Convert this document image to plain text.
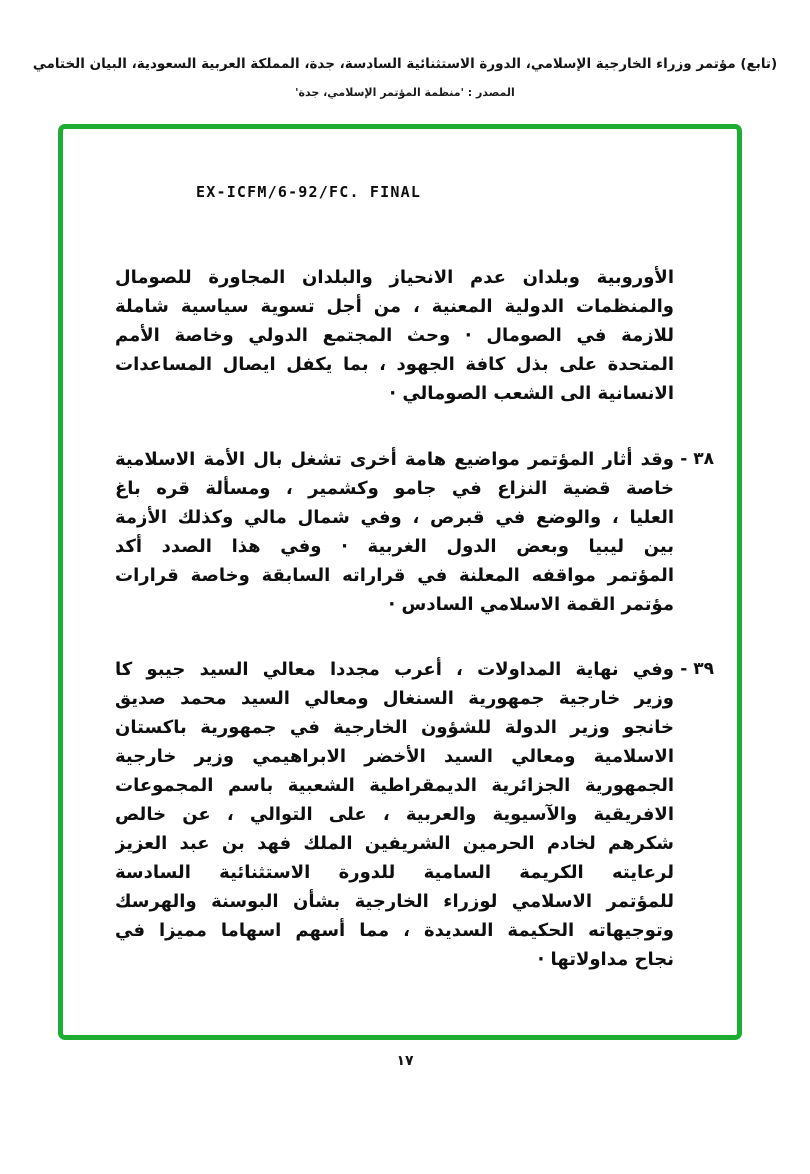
(تابع) مؤتمر وزراء الخارجية الإسلامي، الدورة الاستثنائية السادسة، جدة، المملكة العربية السعودية، البيان الختامي
المصدر : 'منظمة المؤتمر الإسلامي، جدة'
EX-ICFM/6-92/FC. FINAL
الأوروبية وبلدان عدم الانحياز والبلدان المجاورة للصومال
والمنظمات الدولية المعنية ، من أجل تسوية سياسية شاملة
للازمة في الصومال · وحث المجتمع الدولي وخاصة الأمم
المتحدة على بذل كافة الجهود ، بما يكفل ايصال المساعدات
الانسانية الى الشعب الصومالي ·
٣٨ -
وقد أثار المؤتمر مواضيع هامة أخرى تشغل بال الأمة الاسلامية
خاصة قضية النزاع في جامو وكشمير ، ومسألة قره باغ
العليا ، والوضع في قبرص ، وفي شمال مالي وكذلك الأزمة
بين ليبيا وبعض الدول الغربية · وفي هذا الصدد أكد
المؤتمر مواقفه المعلنة في قراراته السابقة وخاصة قرارات
مؤتمر القمة الاسلامي السادس ·
٣٩ -
وفي نهاية المداولات ، أعرب مجددا معالي السيد جيبو كا
وزير خارجية جمهورية السنغال ومعالي السيد محمد صديق
خانجو وزير الدولة للشؤون الخارجية في جمهورية باكستان
الاسلامية ومعالي السيد الأخضر الابراهيمي وزير خارجية
الجمهورية الجزائرية الديمقراطية الشعبية باسم المجموعات
الافريقية والآسيوية والعربية ، على التوالي ، عن خالص
شكرهم لخادم الحرمين الشريفين الملك فهد بن عبد العزيز
لرعايته الكريمة السامية للدورة الاستثنائية السادسة
للمؤتمر الاسلامي لوزراء الخارجية بشأن البوسنة والهرسك
وتوجيهاته الحكيمة السديدة ، مما أسهم اسهاما مميزا في
نجاح مداولاتها ·
١٧
